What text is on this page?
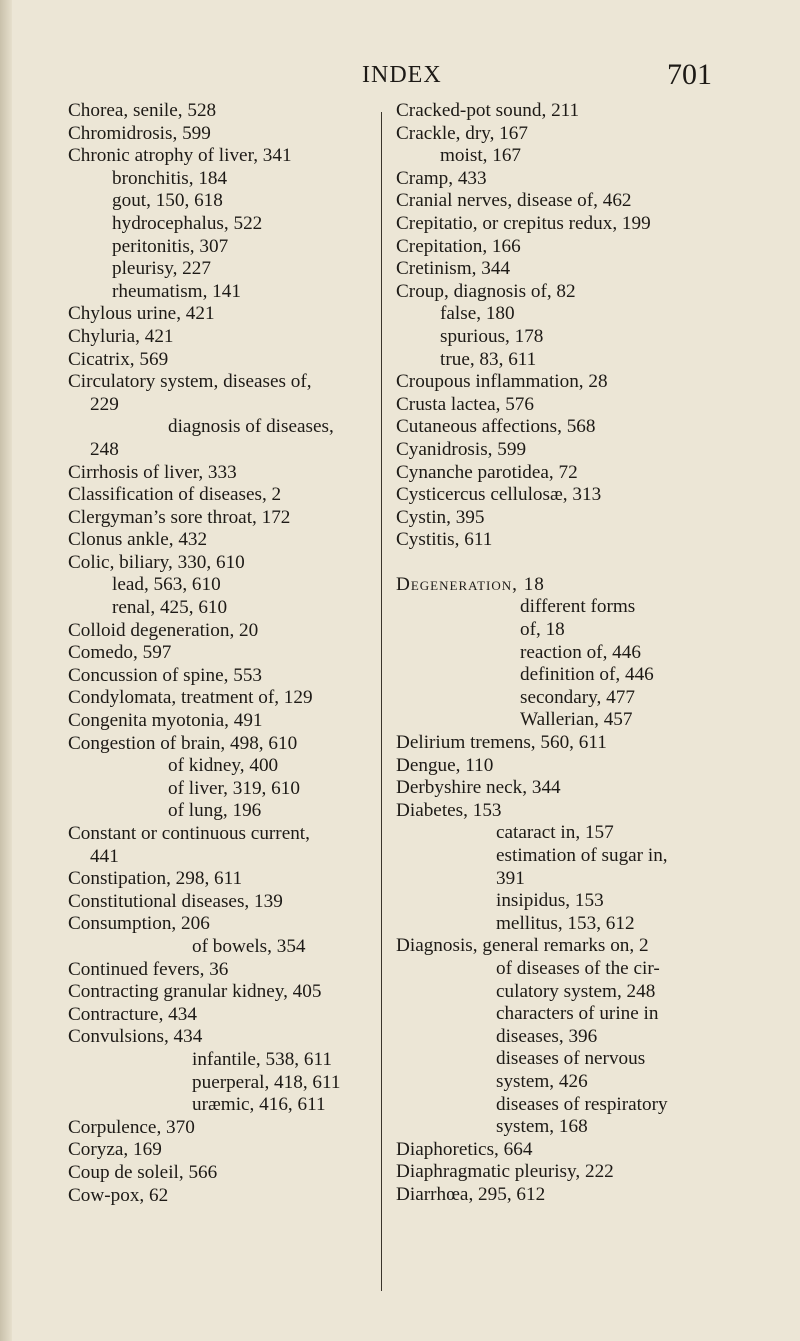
INDEX	701
Chorea, senile, 528
Chromidrosis, 599
Chronic atrophy of liver, 341
bronchitis, 184
gout, 150, 618
hydrocephalus, 522
peritonitis, 307
pleurisy, 227
rheumatism, 141
Chylous urine, 421
Chyluria, 421
Cicatrix, 569
Circulatory system, diseases of,
229
diagnosis of diseases,
248
Cirrhosis of liver, 333
Classification of diseases, 2
Clergyman’s sore throat, 172
Clonus ankle, 432
Colic, biliary, 330, 610
lead, 563, 610
renal, 425, 610
Colloid degeneration, 20
Comedo, 597
Concussion of spine, 553
Condylomata, treatment of, 129
Congenita myotonia, 491
Congestion of brain, 498, 610
of kidney, 400
of liver, 319, 610
of lung, 196
Constant or continuous current,
441
Constipation, 298, 611
Constitutional diseases, 139
Consumption, 206
of bowels, 354
Continued fevers, 36
Contracting granular kidney, 405
Contracture, 434
Convulsions, 434
infantile, 538, 611
puerperal, 418, 611
uræmic, 416, 611
Corpulence, 370
Coryza, 169
Coup de soleil, 566
Cow-pox, 62
Cracked-pot sound, 211
Crackle, dry, 167
moist, 167
Cramp, 433
Cranial nerves, disease of, 462
Crepitatio, or crepitus redux, 199
Crepitation, 166
Cretinism, 344
Croup, diagnosis of, 82
false, 180
spurious, 178
true, 83, 611
Croupous inflammation, 28
Crusta lactea, 576
Cutaneous affections, 568
Cyanidrosis, 599
Cynanche parotidea, 72
Cysticercus cellulosæ, 313
Cystin, 395
Cystitis, 611
Degeneration, 18
different forms
of, 18
reaction of, 446
definition of, 446
secondary, 477
Wallerian, 457
Delirium tremens, 560, 611
Dengue, 110
Derbyshire neck, 344
Diabetes, 153
cataract in, 157
estimation of sugar in,
391
insipidus, 153
mellitus, 153, 612
Diagnosis, general remarks on, 2
of diseases of the cir-
culatory system, 248
characters of urine in
diseases, 396
diseases of nervous
system, 426
diseases of respiratory
system, 168
Diaphoretics, 664
Diaphragmatic pleurisy, 222
Diarrhœa, 295, 612
